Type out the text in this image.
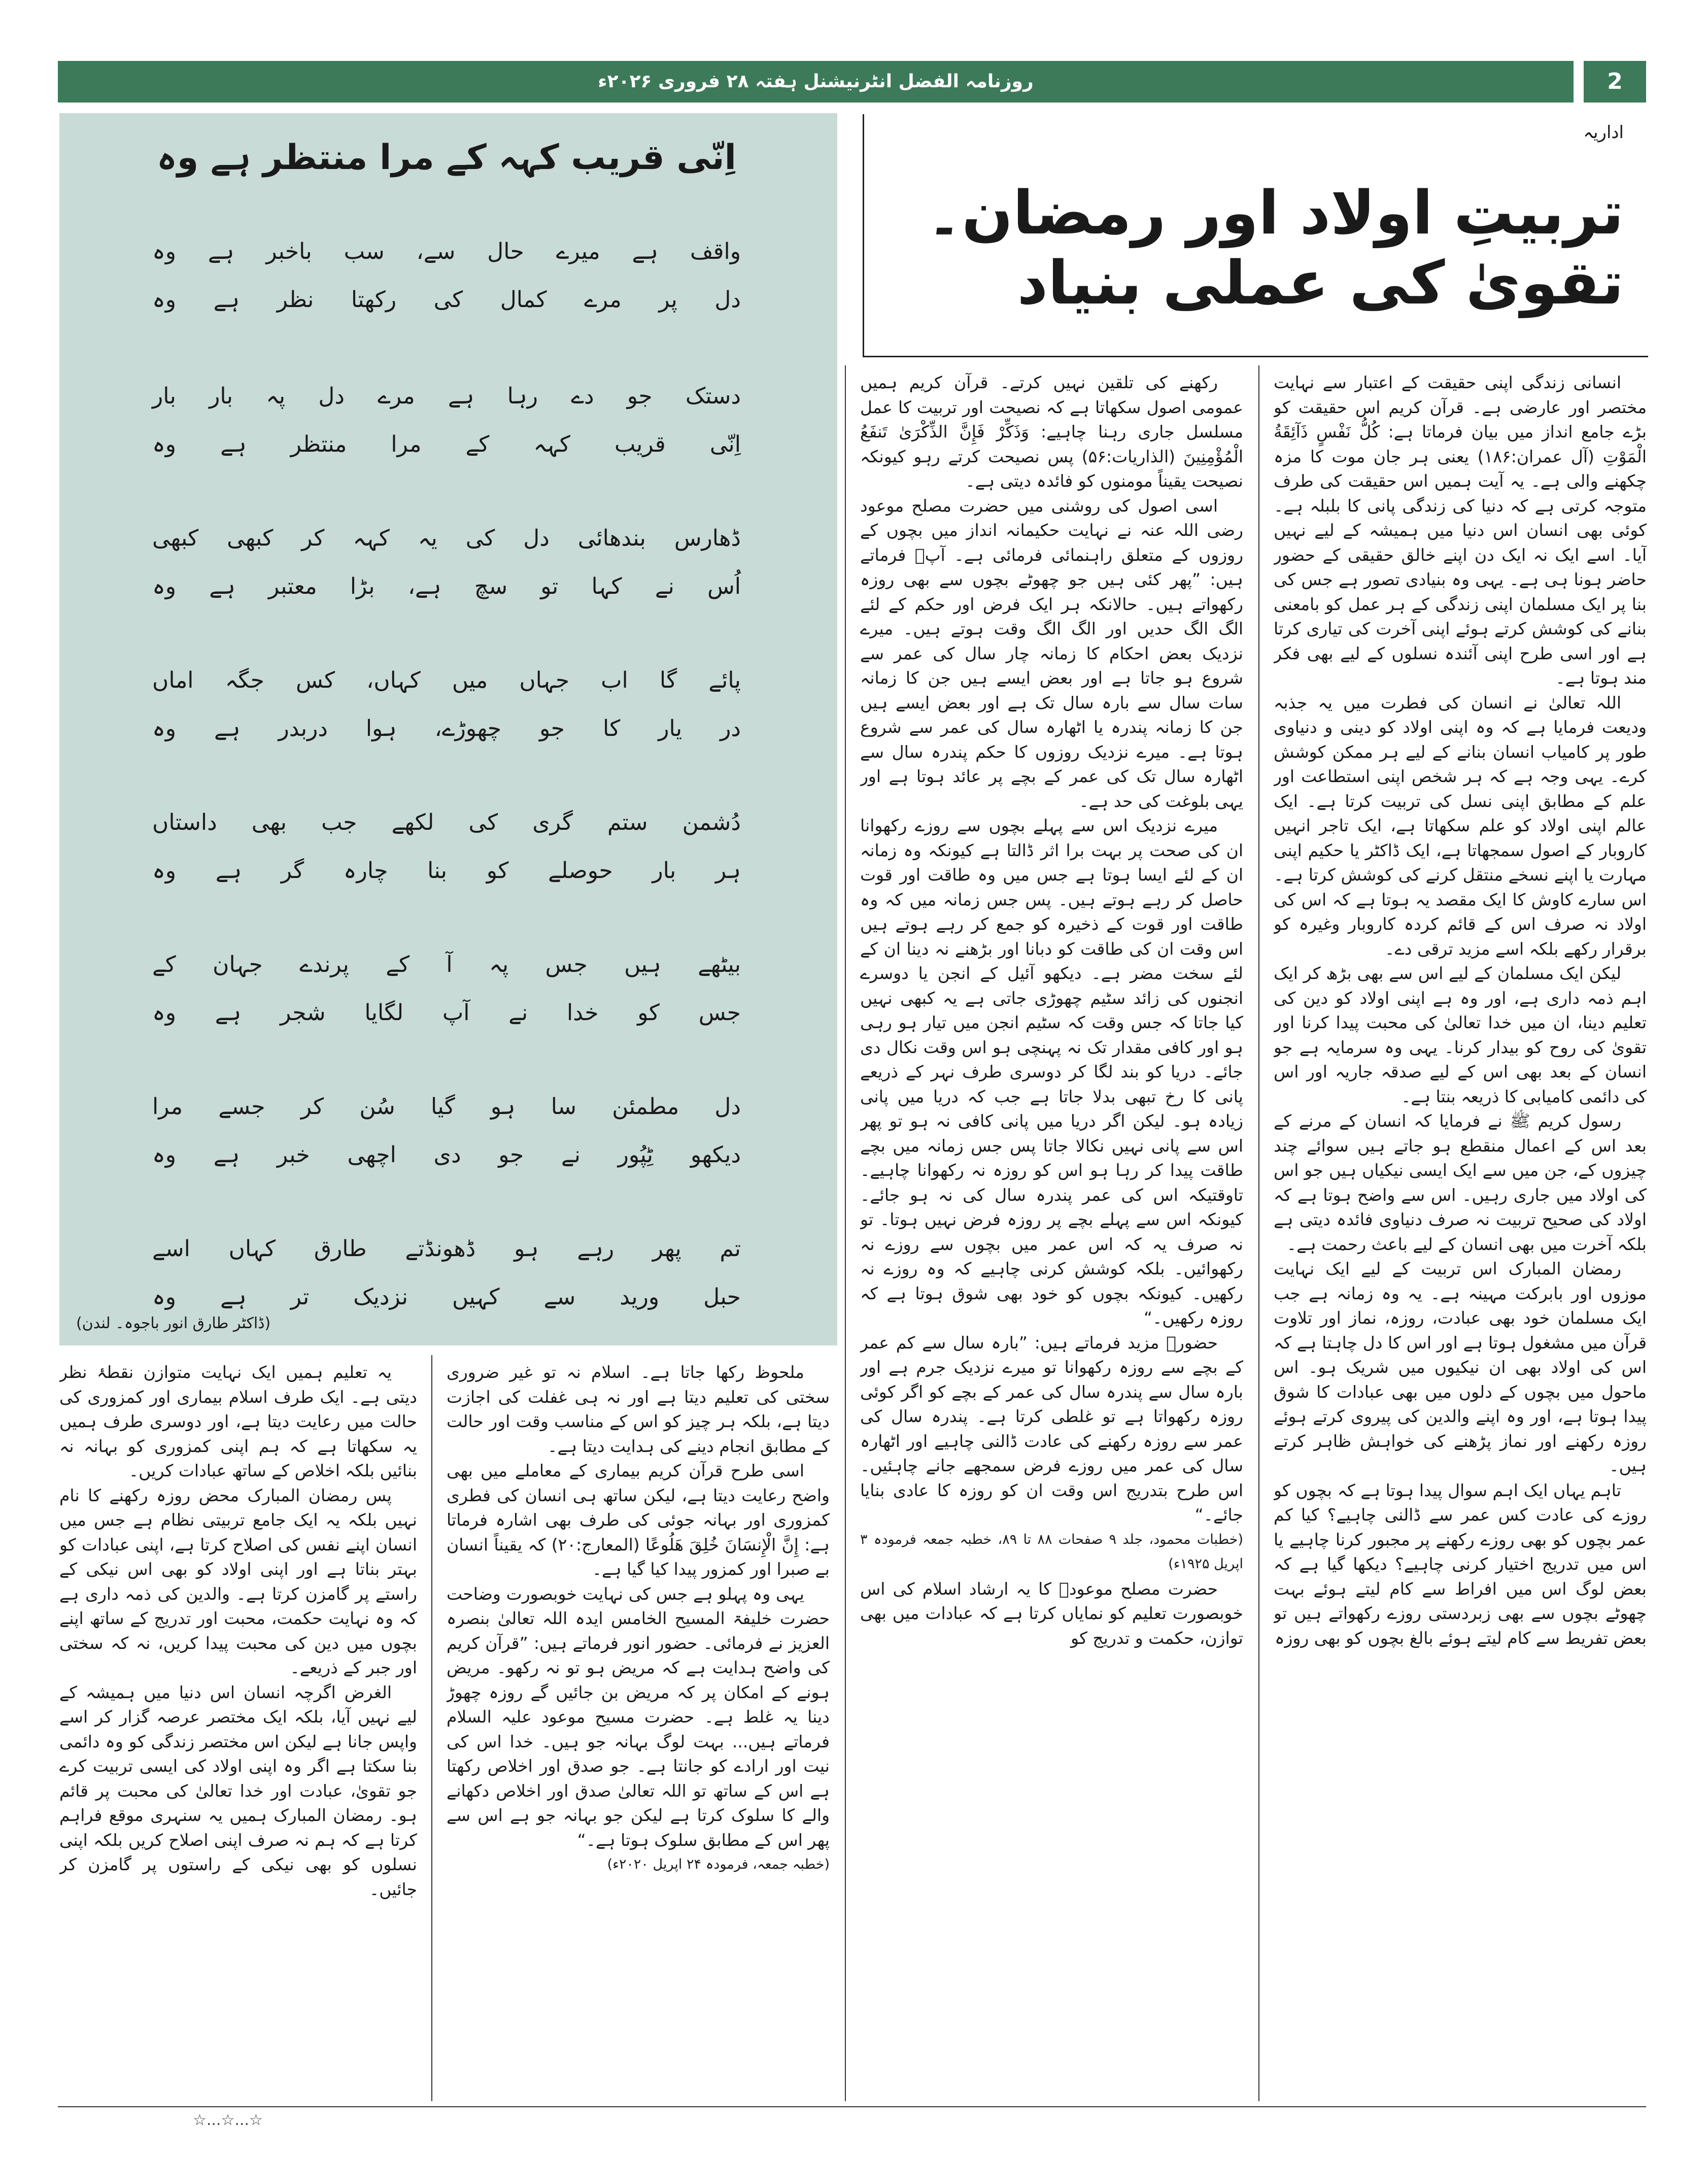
روزنامہ الفضل انٹرنیشنل ہفتہ ۲۸ فروری ۲۰۲۶ء	2
اِنّی قریب کہہ کے مرا منتظر ہے وہ
واقف ہے میرے حال سے، سب باخبر ہے وہ
دل پر مرے کمال کی رکھتا نظر ہے وہ
دستک جو دے رہا ہے مرے دل پہ بار بار
اِنّی قریب کہہ کے مرا منتظر ہے وہ
ڈھارس بندھائی دل کی یہ کہہ کر کبھی کبھی
اُس نے کہا تو سچ ہے، بڑا معتبر ہے وہ
پائے گا اب جہاں میں کہاں، کس جگہ اماں
در یار کا جو چھوڑے، ہوا دربدر ہے وہ
دُشمن ستم گری کی لکھے جب بھی داستاں
ہر بار حوصلے کو بنا چارہ گر ہے وہ
بیٹھے ہیں جس پہ آ کے پرندے جہان کے
جس کو خدا نے آپ لگایا شجر ہے وہ
دل مطمئن سا ہو گیا سُن کر جسے مرا
دیکھو ٹِپُور نے جو دی اچھی خبر ہے وہ
تم پھر رہے ہو ڈھونڈتے طارق کہاں اسے
حبل ورید سے کہیں نزدیک تر ہے وہ
(ڈاکٹر طارق انور باجوہ۔ لندن)
اداریہ
تربیتِ اولاد اور رمضان۔ تقویٰ کی عملی بنیاد

انسانی زندگی اپنی حقیقت کے اعتبار سے نہایت مختصر اور عارضی ہے۔ قرآن کریم اس حقیقت کو بڑے جامع انداز میں بیان فرماتا ہے: كُلُّ نَفْسٍ ذَآئِقَةُ الْمَوْتِ (آل عمران:۱۸۶) یعنی ہر جان موت کا مزہ چکھنے والی ہے۔ یہ آیت ہمیں اس حقیقت کی طرف متوجہ کرتی ہے کہ دنیا کی زندگی پانی کا بلبلہ ہے۔ کوئی بھی انسان اس دنیا میں ہمیشہ کے لیے نہیں آیا۔ اسے ایک نہ ایک دن اپنے خالق حقیقی کے حضور حاضر ہونا ہی ہے۔ یہی وہ بنیادی تصور ہے جس کی بنا پر ایک مسلمان اپنی زندگی کے ہر عمل کو بامعنی بنانے کی کوشش کرتے ہوئے اپنی آخرت کی تیاری کرتا ہے اور اسی طرح اپنی آئندہ نسلوں کے لیے بھی فکر مند ہوتا ہے۔

اللہ تعالیٰ نے انسان کی فطرت میں یہ جذبہ ودیعت فرمایا ہے کہ وہ اپنی اولاد کو دینی و دنیاوی طور پر کامیاب انسان بنانے کے لیے ہر ممکن کوشش کرے۔ یہی وجہ ہے کہ ہر شخص اپنی استطاعت اور علم کے مطابق اپنی نسل کی تربیت کرتا ہے۔ ایک عالم اپنی اولاد کو علم سکھاتا ہے، ایک تاجر انہیں کاروبار کے اصول سمجھاتا ہے، ایک ڈاکٹر یا حکیم اپنی مہارت یا اپنے نسخے منتقل کرنے کی کوشش کرتا ہے۔ اس سارے کاوش کا ایک مقصد یہ ہوتا ہے کہ اس کی اولاد نہ صرف اس کے قائم کردہ کاروبار وغیرہ کو برقرار رکھے بلکہ اسے مزید ترقی دے۔

لیکن ایک مسلمان کے لیے اس سے بھی بڑھ کر ایک اہم ذمہ داری ہے، اور وہ ہے اپنی اولاد کو دین کی تعلیم دینا، ان میں خدا تعالیٰ کی محبت پیدا کرنا اور تقویٰ کی روح کو بیدار کرنا۔ یہی وہ سرمایہ ہے جو انسان کے بعد بھی اس کے لیے صدقہ جاریہ اور اس کی دائمی کامیابی کا ذریعہ بنتا ہے۔

رسول کریم ﷺ نے فرمایا کہ انسان کے مرنے کے بعد اس کے اعمال منقطع ہو جاتے ہیں سوائے چند چیزوں کے، جن میں سے ایک ایسی نیکیاں ہیں جو اس کی اولاد میں جاری رہیں۔ اس سے واضح ہوتا ہے کہ اولاد کی صحیح تربیت نہ صرف دنیاوی فائدہ دیتی ہے بلکہ آخرت میں بھی انسان کے لیے باعث رحمت ہے۔

رمضان المبارک اس تربیت کے لیے ایک نہایت موزوں اور بابرکت مہینہ ہے۔ یہ وہ زمانہ ہے جب ایک مسلمان خود بھی عبادت، روزہ، نماز اور تلاوت قرآن میں مشغول ہوتا ہے اور اس کا دل چاہتا ہے کہ اس کی اولاد بھی ان نیکیوں میں شریک ہو۔ اس ماحول میں بچوں کے دلوں میں بھی عبادات کا شوق پیدا ہوتا ہے، اور وہ اپنے والدین کی پیروی کرتے ہوئے روزہ رکھنے اور نماز پڑھنے کی خواہش ظاہر کرتے ہیں۔

تاہم یہاں ایک اہم سوال پیدا ہوتا ہے کہ بچوں کو روزے کی عادت کس عمر سے ڈالنی چاہیے؟ کیا کم عمر بچوں کو بھی روزے رکھنے پر مجبور کرنا چاہیے یا اس میں تدریج اختیار کرنی چاہیے؟ دیکھا گیا ہے کہ بعض لوگ اس میں افراط سے کام لیتے ہوئے بہت چھوٹے بچوں سے بھی زبردستی روزے رکھواتے ہیں تو بعض تفریط سے کام لیتے ہوئے بالغ بچوں کو بھی روزہ

رکھنے کی تلقین نہیں کرتے۔ قرآن کریم ہمیں عمومی اصول سکھاتا ہے کہ نصیحت اور تربیت کا عمل مسلسل جاری رہنا چاہیے: وَذَكِّرْ فَإِنَّ الذِّكْرَىٰ تَنفَعُ الْمُؤْمِنِينَ (الذاریات:۵۶) پس نصیحت کرتے رہو کیونکہ نصیحت یقیناً مومنوں کو فائدہ دیتی ہے۔

اسی اصول کی روشنی میں حضرت مصلح موعود رضی اللہ عنہ نے نہایت حکیمانہ انداز میں بچوں کے روزوں کے متعلق راہنمائی فرمائی ہے۔ آپؓ فرماتے ہیں: ”پھر کئی ہیں جو چھوٹے بچوں سے بھی روزہ رکھواتے ہیں۔ حالانکہ ہر ایک فرض اور حکم کے لئے الگ الگ حدیں اور الگ الگ وقت ہوتے ہیں۔ میرے نزدیک بعض احکام کا زمانہ چار سال کی عمر سے شروع ہو جاتا ہے اور بعض ایسے ہیں جن کا زمانہ سات سال سے بارہ سال تک ہے اور بعض ایسے ہیں جن کا زمانہ پندرہ یا اٹھارہ سال کی عمر سے شروع ہوتا ہے۔ میرے نزدیک روزوں کا حکم پندرہ سال سے اٹھارہ سال تک کی عمر کے بچے پر عائد ہوتا ہے اور یہی بلوغت کی حد ہے۔

میرے نزدیک اس سے پہلے بچوں سے روزے رکھوانا ان کی صحت پر بہت برا اثر ڈالتا ہے کیونکہ وہ زمانہ ان کے لئے ایسا ہوتا ہے جس میں وہ طاقت اور قوت حاصل کر رہے ہوتے ہیں۔ پس جس زمانہ میں کہ وہ طاقت اور قوت کے ذخیرہ کو جمع کر رہے ہوتے ہیں اس وقت ان کی طاقت کو دبانا اور بڑھنے نہ دینا ان کے لئے سخت مضر ہے۔ دیکھو آئیل کے انجن یا دوسرے انجنوں کی زائد سٹیم چھوڑی جاتی ہے یہ کبھی نہیں کیا جاتا کہ جس وقت کہ سٹیم انجن میں تیار ہو رہی ہو اور کافی مقدار تک نہ پہنچی ہو اس وقت نکال دی جائے۔ دریا کو بند لگا کر دوسری طرف نہر کے ذریعے پانی کا رخ تبھی بدلا جاتا ہے جب کہ دریا میں پانی زیادہ ہو۔ لیکن اگر دریا میں پانی کافی نہ ہو تو پھر اس سے پانی نہیں نکالا جاتا پس جس زمانہ میں بچے طاقت پیدا کر رہا ہو اس کو روزہ نہ رکھوانا چاہیے۔ تاوقتیکہ اس کی عمر پندرہ سال کی نہ ہو جائے۔ کیونکہ اس سے پہلے بچے پر روزہ فرض نہیں ہوتا۔ تو نہ صرف یہ کہ اس عمر میں بچوں سے روزے نہ رکھوائیں۔ بلکہ کوشش کرنی چاہیے کہ وہ روزے نہ رکھیں۔ کیونکہ بچوں کو خود بھی شوق ہوتا ہے کہ روزہ رکھیں۔“

حضورؓ مزید فرماتے ہیں: ”بارہ سال سے کم عمر کے بچے سے روزہ رکھوانا تو میرے نزدیک جرم ہے اور بارہ سال سے پندرہ سال کی عمر کے بچے کو اگر کوئی روزہ رکھواتا ہے تو غلطی کرتا ہے۔ پندرہ سال کی عمر سے روزہ رکھنے کی عادت ڈالنی چاہیے اور اٹھارہ سال کی عمر میں روزے فرض سمجھے جانے چاہئیں۔ اس طرح بتدریج اس وقت ان کو روزہ کا عادی بنایا جائے۔“

(خطبات محمود، جلد ۹ صفحات ۸۸ تا ۸۹، خطبہ جمعہ فرمودہ ۳ اپریل ۱۹۲۵ء)

حضرت مصلح موعودؓ کا یہ ارشاد اسلام کی اس خوبصورت تعلیم کو نمایاں کرتا ہے کہ عبادات میں بھی توازن، حکمت و تدریج کو

ملحوظ رکھا جاتا ہے۔ اسلام نہ تو غیر ضروری سختی کی تعلیم دیتا ہے اور نہ ہی غفلت کی اجازت دیتا ہے، بلکہ ہر چیز کو اس کے مناسب وقت اور حالت کے مطابق انجام دینے کی ہدایت دیتا ہے۔

اسی طرح قرآن کریم بیماری کے معاملے میں بھی واضح رعایت دیتا ہے، لیکن ساتھ ہی انسان کی فطری کمزوری اور بہانہ جوئی کی طرف بھی اشارہ فرماتا ہے: إِنَّ الْإِنسَانَ خُلِقَ هَلُوعًا (المعارج:۲۰) کہ یقیناً انسان بے صبرا اور کمزور پیدا کیا گیا ہے۔

یہی وہ پہلو ہے جس کی نہایت خوبصورت وضاحت حضرت خلیفۃ المسیح الخامس ایدہ اللہ تعالیٰ بنصرہ العزیز نے فرمائی۔ حضور انور فرماتے ہیں: ”قرآن کریم کی واضح ہدایت ہے کہ مریض ہو تو نہ رکھو۔ مریض ہونے کے امکان پر کہ مریض بن جائیں گے روزہ چھوڑ دینا یہ غلط ہے۔ حضرت مسیح موعود علیہ السلام فرماتے ہیں... بہت لوگ بہانہ جو ہیں۔ خدا اس کی نیت اور ارادے کو جانتا ہے۔ جو صدق اور اخلاص رکھتا ہے اس کے ساتھ تو اللہ تعالیٰ صدق اور اخلاص دکھانے والے کا سلوک کرتا ہے لیکن جو بہانہ جو ہے اس سے پھر اس کے مطابق سلوک ہوتا ہے۔“

(خطبہ جمعہ، فرمودہ ۲۴ اپریل ۲۰۲۰ء)

یہ تعلیم ہمیں ایک نہایت متوازن نقطۂ نظر دیتی ہے۔ ایک طرف اسلام بیماری اور کمزوری کی حالت میں رعایت دیتا ہے، اور دوسری طرف ہمیں یہ سکھاتا ہے کہ ہم اپنی کمزوری کو بہانہ نہ بنائیں بلکہ اخلاص کے ساتھ عبادات کریں۔

پس رمضان المبارک محض روزہ رکھنے کا نام نہیں بلکہ یہ ایک جامع تربیتی نظام ہے جس میں انسان اپنے نفس کی اصلاح کرتا ہے، اپنی عبادات کو بہتر بناتا ہے اور اپنی اولاد کو بھی اس نیکی کے راستے پر گامزن کرتا ہے۔ والدین کی ذمہ داری ہے کہ وہ نہایت حکمت، محبت اور تدریج کے ساتھ اپنے بچوں میں دین کی محبت پیدا کریں، نہ کہ سختی اور جبر کے ذریعے۔

الغرض اگرچہ انسان اس دنیا میں ہمیشہ کے لیے نہیں آیا، بلکہ ایک مختصر عرصہ گزار کر اسے واپس جانا ہے لیکن اس مختصر زندگی کو وہ دائمی بنا سکتا ہے اگر وہ اپنی اولاد کی ایسی تربیت کرے جو تقویٰ، عبادت اور خدا تعالیٰ کی محبت پر قائم ہو۔ رمضان المبارک ہمیں یہ سنہری موقع فراہم کرتا ہے کہ ہم نہ صرف اپنی اصلاح کریں بلکہ اپنی نسلوں کو بھی نیکی کے راستوں پر گامزن کر جائیں۔

☆...☆...☆
